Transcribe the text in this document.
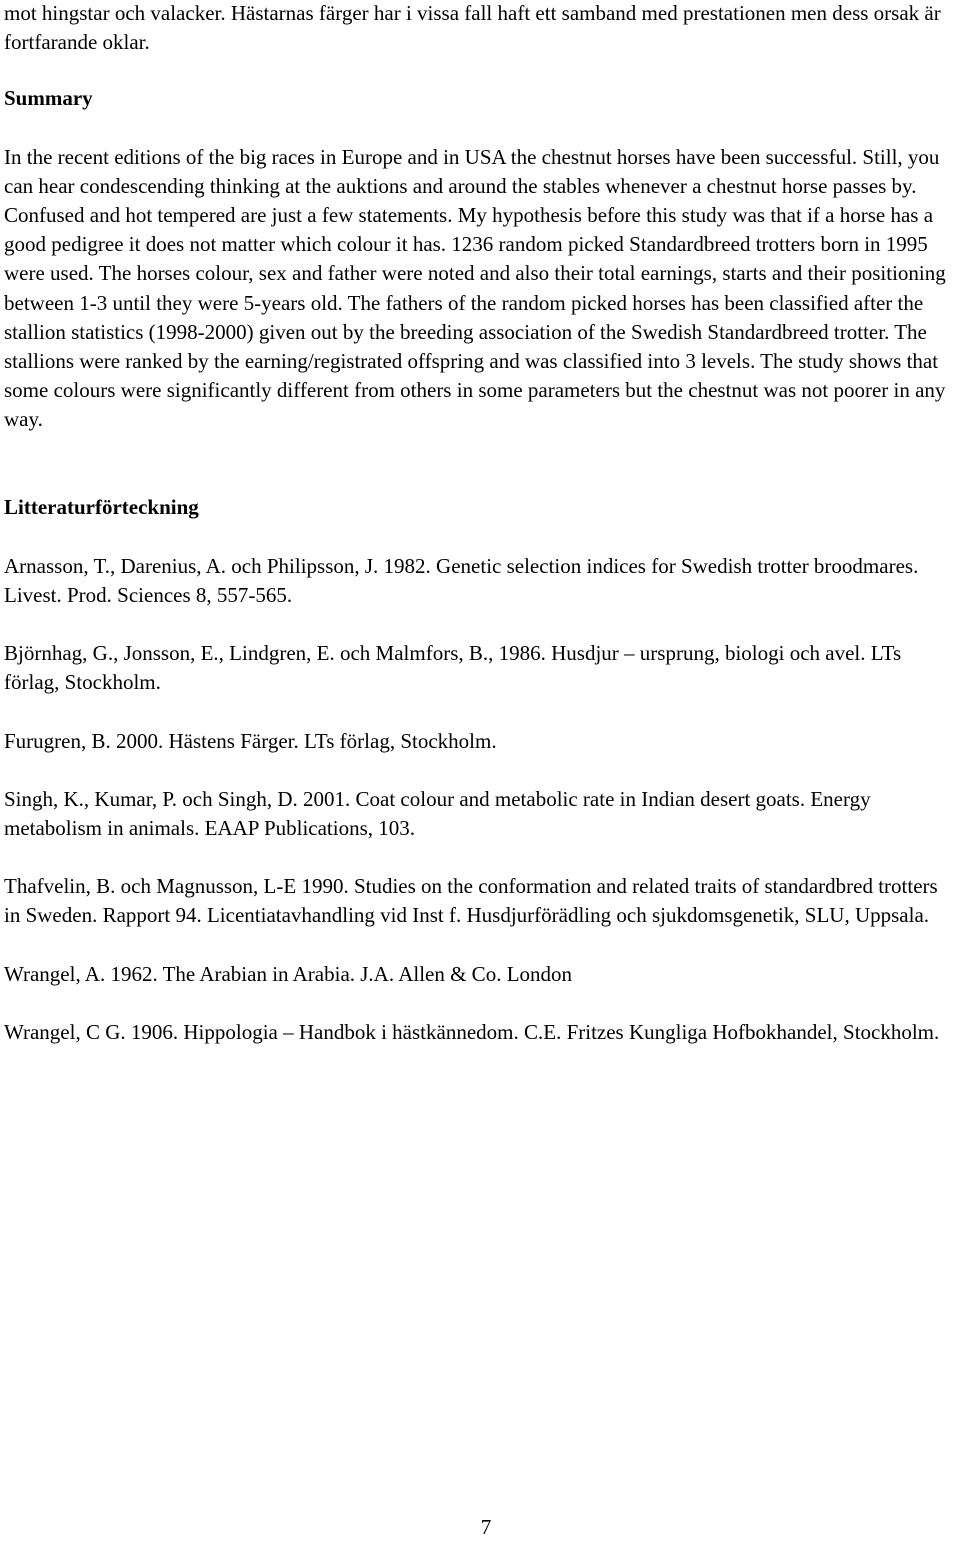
mot hingstar och valacker. Hästarnas färger har i vissa fall haft ett samband med prestationen men dess orsak är fortfarande oklar.

Summary

In the recent editions of the big races in Europe and in USA the chestnut horses have been successful. Still, you can hear condescending thinking at the auktions and around the stables whenever a chestnut horse passes by. Confused and hot tempered are just a few statements. My hypothesis before this study was that if a horse has a good pedigree it does not matter which colour it has. 1236 random picked Standardbreed trotters born in 1995 were used. The horses colour, sex and father were noted and also their total earnings, starts and their positioning between 1-3 until they were 5-years old. The fathers of the random picked horses has been classified after the stallion statistics (1998-2000) given out by the breeding association of the Swedish Standardbreed trotter. The stallions were ranked by the earning/registrated offspring and was classified into 3 levels. The study shows that some colours were significantly different from others in some parameters but the chestnut was not poorer in any way.

Litteraturförteckning

Arnasson, T., Darenius, A. och Philipsson, J. 1982. Genetic selection indices for Swedish trotter broodmares. Livest. Prod. Sciences 8, 557-565.

Björnhag, G., Jonsson, E., Lindgren, E. och Malmfors, B., 1986. Husdjur – ursprung, biologi och avel. LTs förlag, Stockholm.

Furugren, B. 2000. Hästens Färger. LTs förlag, Stockholm.

Singh, K., Kumar, P. och Singh, D. 2001. Coat colour and metabolic rate in Indian desert goats. Energy metabolism in animals. EAAP Publications, 103.

Thafvelin, B. och Magnusson, L-E 1990. Studies on the conformation and related traits of standardbred trotters in Sweden. Rapport 94. Licentiatavhandling vid Inst f. Husdjurförädling och sjukdomsgenetik, SLU, Uppsala.

Wrangel, A. 1962. The Arabian in Arabia. J.A. Allen & Co. London

Wrangel, C G. 1906. Hippologia – Handbok i hästkännedom. C.E. Fritzes Kungliga Hofbokhandel, Stockholm.

7
